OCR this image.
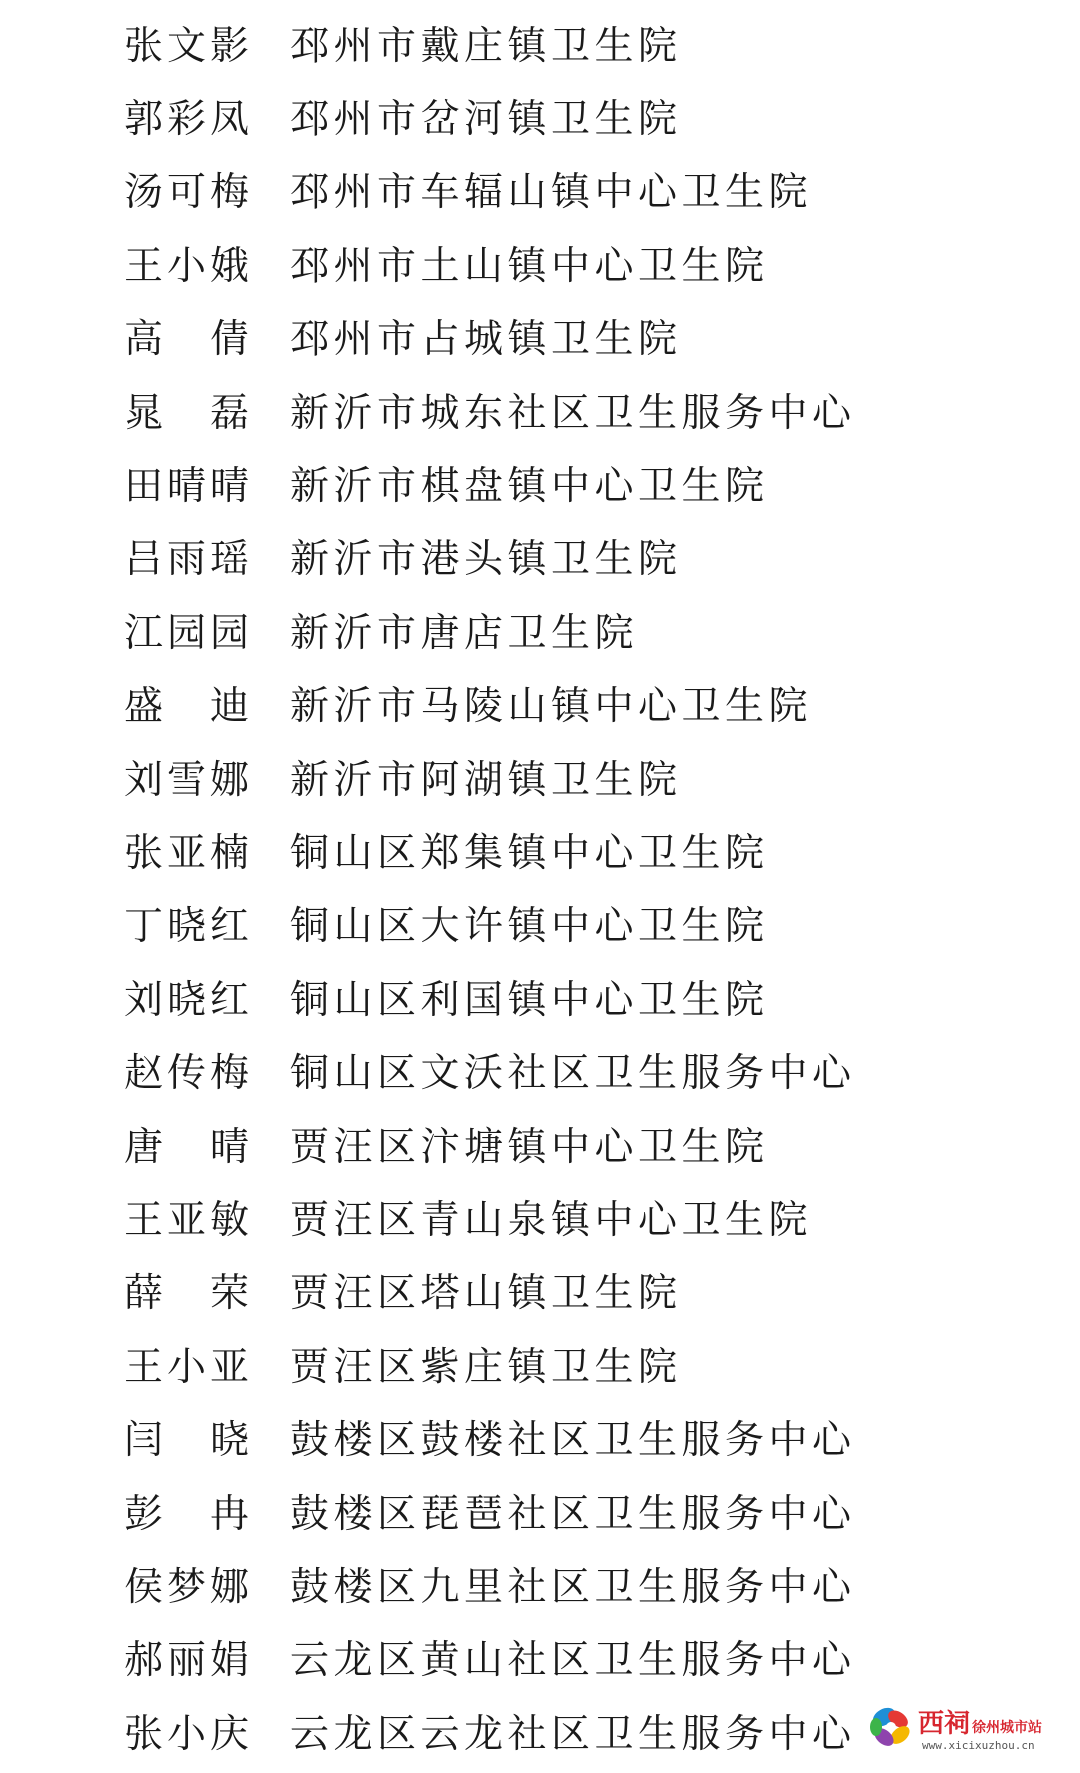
张文影 邳州市戴庄镇卫生院
郭彩凤 邳州市岔河镇卫生院
汤可梅 邳州市车辐山镇中心卫生院
王小娥 邳州市土山镇中心卫生院
高　倩 邳州市占城镇卫生院
晁　磊 新沂市城东社区卫生服务中心
田晴晴 新沂市棋盘镇中心卫生院
吕雨瑶 新沂市港头镇卫生院
江园园 新沂市唐店卫生院
盛　迪 新沂市马陵山镇中心卫生院
刘雪娜 新沂市阿湖镇卫生院
张亚楠 铜山区郑集镇中心卫生院
丁晓红 铜山区大许镇中心卫生院
刘晓红 铜山区利国镇中心卫生院
赵传梅 铜山区文沃社区卫生服务中心
唐　晴 贾汪区汴塘镇中心卫生院
王亚敏 贾汪区青山泉镇中心卫生院
薛　荣 贾汪区塔山镇卫生院
王小亚 贾汪区紫庄镇卫生院
闫　晓 鼓楼区鼓楼社区卫生服务中心
彭　冉 鼓楼区琵琶社区卫生服务中心
侯梦娜 鼓楼区九里社区卫生服务中心
郝丽娟 云龙区黄山社区卫生服务中心
张小庆 云龙区云龙社区卫生服务中心 西祠 徐州城市站
www.xicixuzhou.cn
